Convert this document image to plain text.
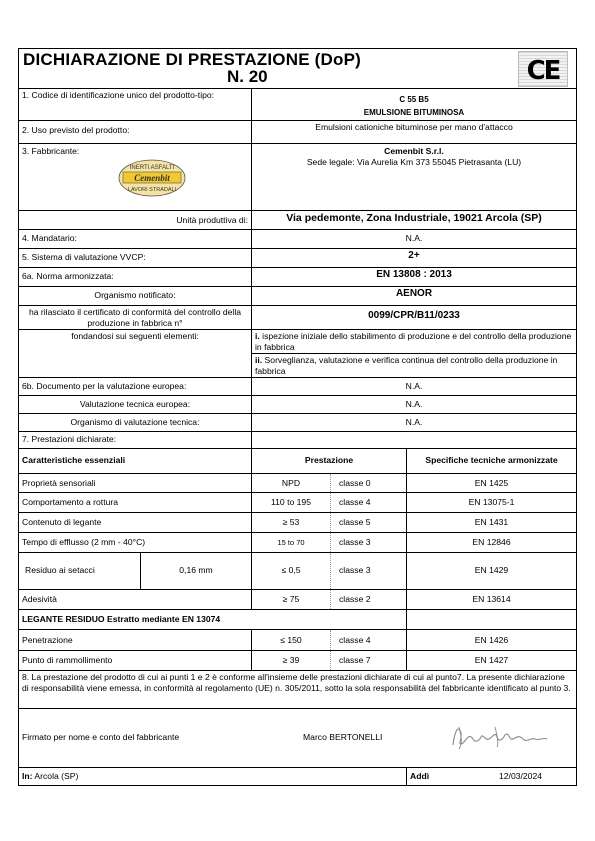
DICHIARAZIONE DI PRESTAZIONE (DoP)
N. 20	CE
1. Codice di identificazione unico del prodotto-tipo:	C 55 B5
EMULSIONE BITUMINOSA
2. Uso previsto del prodotto:	Emulsioni cationiche bituminose per mano d'attacco
3. Fabbricante:
INERTI ASFALTI
Cemenbit
LAVORI STRADALI
Cemenbit S.r.l.
Sede legale: Via Aurelia Km 373 55045 Pietrasanta (LU)
Unità produttiva di:	Via pedemonte, Zona Industriale, 19021 Arcola (SP)
4. Mandatario:	N.A.
5. Sistema di valutazione VVCP:	2+
6a. Norma armonizzata:	EN 13808 : 2013
Organismo notificato:	AENOR
ha rilasciato il certificato di conformità del controllo della produzione in fabbrica n°
0099/CPR/B11/0233
fondandosi sui seguenti elementi:	i. ispezione iniziale dello stabilimento di produzione e del controllo della produzione in fabbrica
ii. Sorveglianza, valutazione e verifica continua del controllo della produzione in fabbrica
6b. Documento per la valutazione europea:	N.A.
Valutazione tecnica europea:	N.A.
Organismo di valutazione tecnica:	N.A.
7. Prestazioni dichiarate:
Caratteristiche essenziali	Prestazione	Specifiche tecniche armonizzate
Proprietà sensoriali	NPD	classe 0	EN 1425
Comportamento a rottura	110 to 195	classe 4	EN 13075-1
Contenuto di legante	≥ 53	classe 5	EN 1431
Tempo di efflusso (2 mm - 40°C)	15 to 70	classe 3	EN 12846
Residuo ai setacci	0,16 mm	≤ 0,5	classe 3	EN 1429
Adesività	≥ 75	classe 2	EN 13614
LEGANTE RESIDUO Estratto mediante EN 13074
Penetrazione	≤ 150	classe 4	EN 1426
Punto di rammollimento	≥ 39	classe 7	EN 1427
8. La prestazione del prodotto di cui ai punti 1 e 2 è conforme all'insieme delle prestazioni dichiarate di cui al punto7. La presente dichiarazione di responsabilità viene emessa, in conformità al regolamento (UE) n. 305/2011, sotto la sola responsabilità del fabbricante identificato al punto 3.
Firmato per nome e conto del fabbricante	Marco BERTONELLI
In: Arcola (SP)	Addì	12/03/2024
